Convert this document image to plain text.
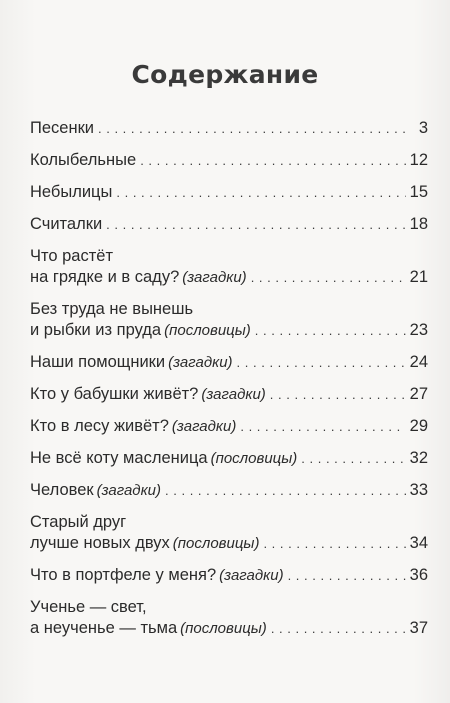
Содержание
Песенки . . .	3
Колыбельные . . .	12
Небылицы . . .	15
Считалки . . .	18
Что растёт
на грядке и в саду? (загадки) . . .	21
Без труда не вынешь
и рыбки из пруда (пословицы) . . .	23
Наши помощники (загадки) . . .	24
Кто у бабушки живёт? (загадки) . . .	27
Кто в лесу живёт? (загадки) . . .	29
Не всё коту масленица (пословицы) . . .	32
Человек (загадки) . . .	33
Старый друг
лучше новых двух (пословицы) . . .	34
Что в портфеле у меня? (загадки) . . .	36
Ученье — свет,
а неученье — тьма (пословицы) . . .	37
